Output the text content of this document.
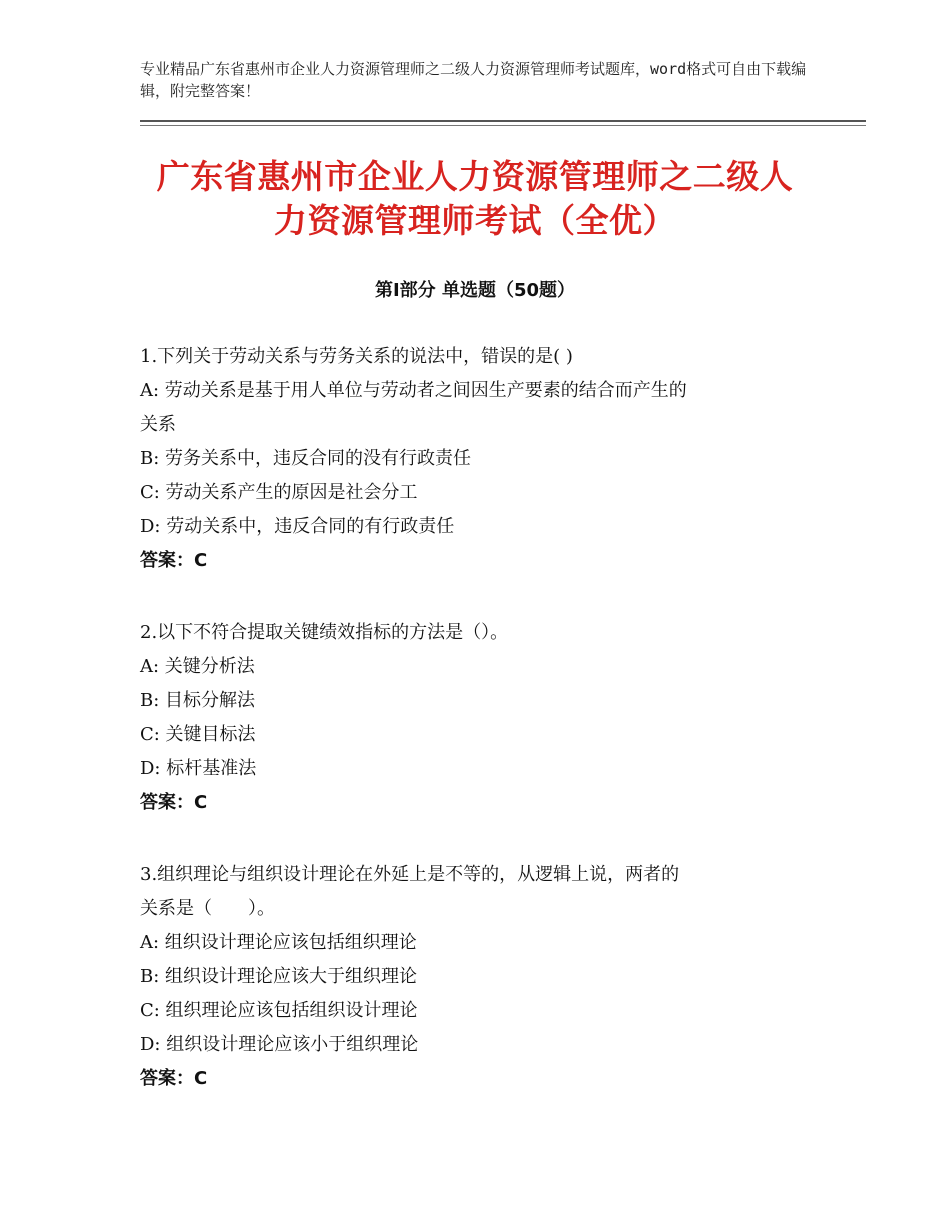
专业精品广东省惠州市企业人力资源管理师之二级人力资源管理师考试题库，word格式可自由下载编辑，附完整答案！
广东省惠州市企业人力资源管理师之二级人
力资源管理师考试（全优）
第Ⅰ部分 单选题（50题）
1.下列关于劳动关系与劳务关系的说法中，错误的是( )
A: 劳动关系是基于用人单位与劳动者之间因生产要素的结合而产生的
关系
B: 劳务关系中，违反合同的没有行政责任
C: 劳动关系产生的原因是社会分工
D: 劳动关系中，违反合同的有行政责任
答案：C
2.以下不符合提取关键绩效指标的方法是（）。
A: 关键分析法
B: 目标分解法
C: 关键目标法
D: 标杆基准法
答案：C
3.组织理论与组织设计理论在外延上是不等的，从逻辑上说，两者的
关系是（　　）。
A: 组织设计理论应该包括组织理论
B: 组织设计理论应该大于组织理论
C: 组织理论应该包括组织设计理论
D: 组织设计理论应该小于组织理论
答案：C
